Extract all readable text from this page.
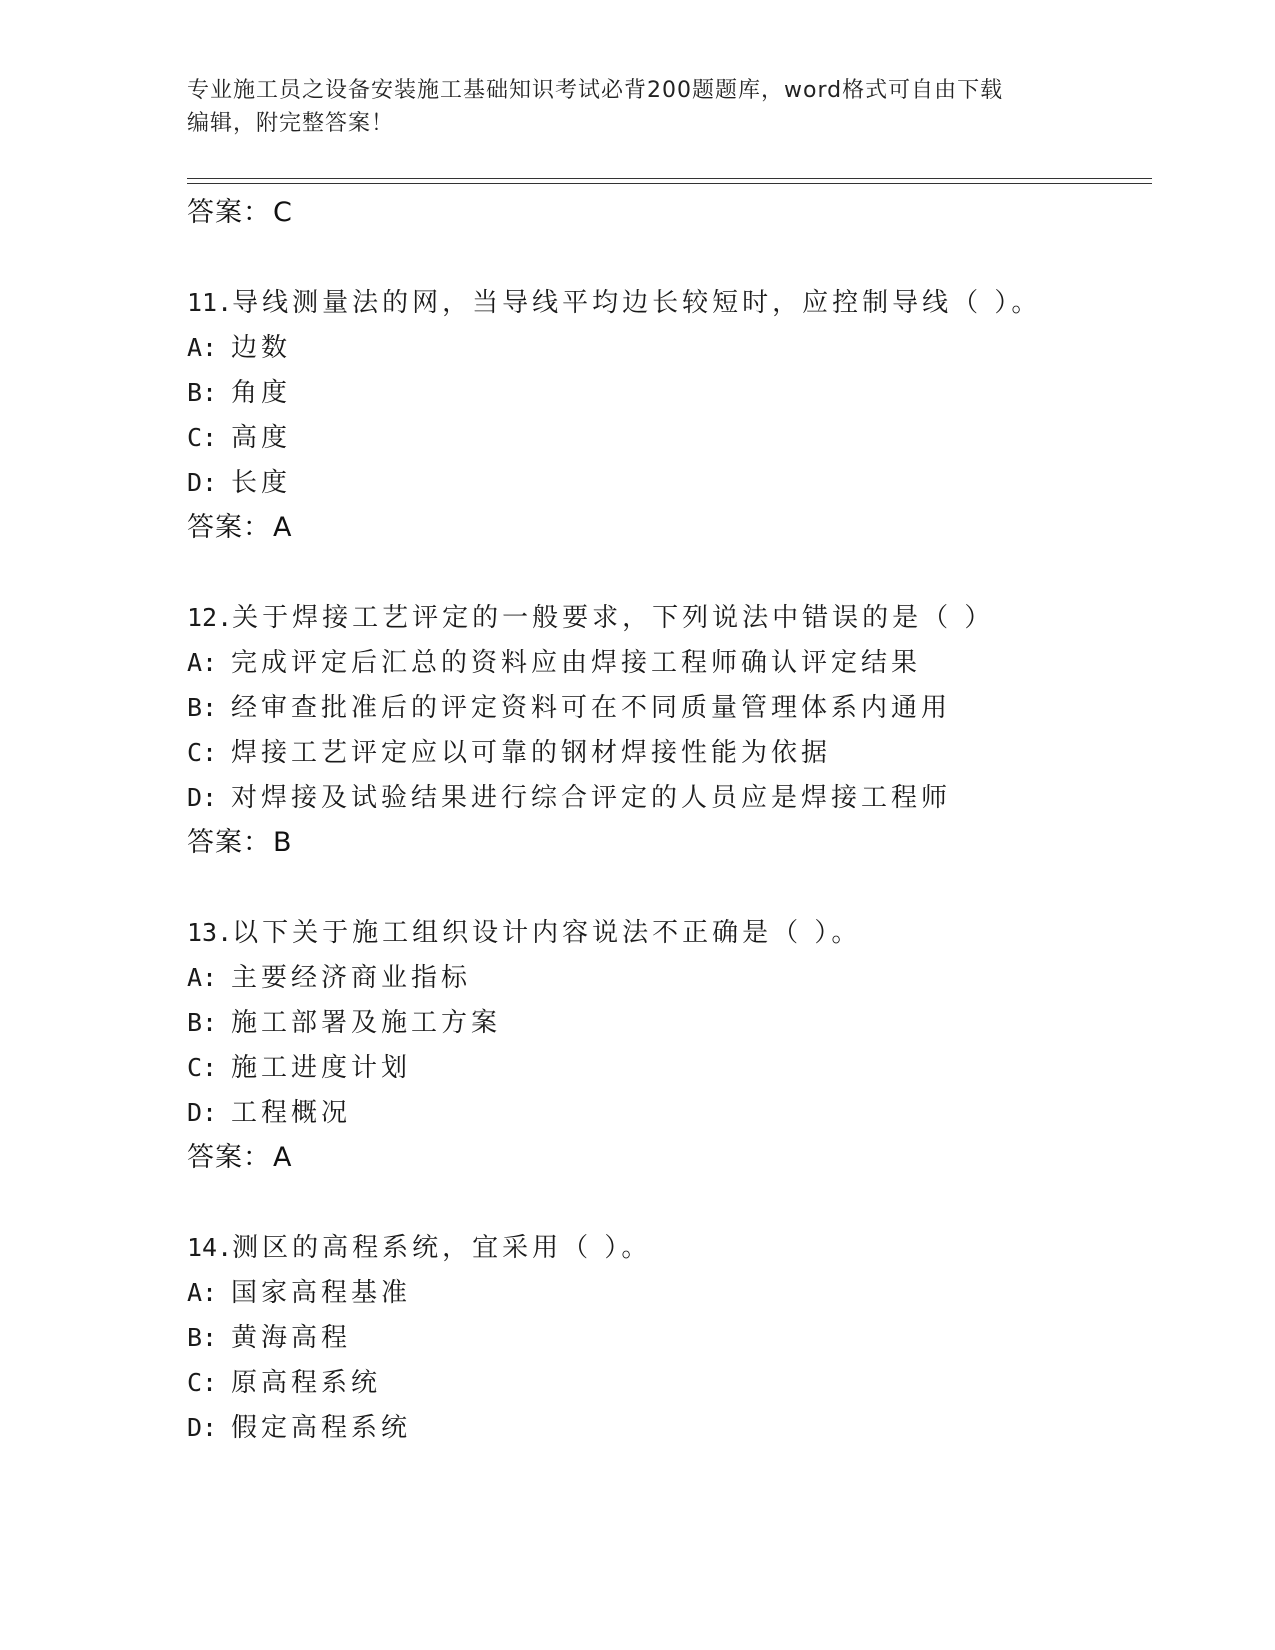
专业施工员之设备安装施工基础知识考试必背200题题库，word格式可自由下载
编辑，附完整答案！
答案：C
11.导线测量法的网，当导线平均边长较短时，应控制导线（ ）。
A: 边数
B: 角度
C: 高度
D: 长度
答案：A
12.关于焊接工艺评定的一般要求，下列说法中错误的是（ ）
A: 完成评定后汇总的资料应由焊接工程师确认评定结果
B: 经审查批准后的评定资料可在不同质量管理体系内通用
C: 焊接工艺评定应以可靠的钢材焊接性能为依据
D: 对焊接及试验结果进行综合评定的人员应是焊接工程师
答案：B
13.以下关于施工组织设计内容说法不正确是（ ）。
A: 主要经济商业指标
B: 施工部署及施工方案
C: 施工进度计划
D: 工程概况
答案：A
14.测区的高程系统，宜采用（ ）。
A: 国家高程基准
B: 黄海高程
C: 原高程系统
D: 假定高程系统
